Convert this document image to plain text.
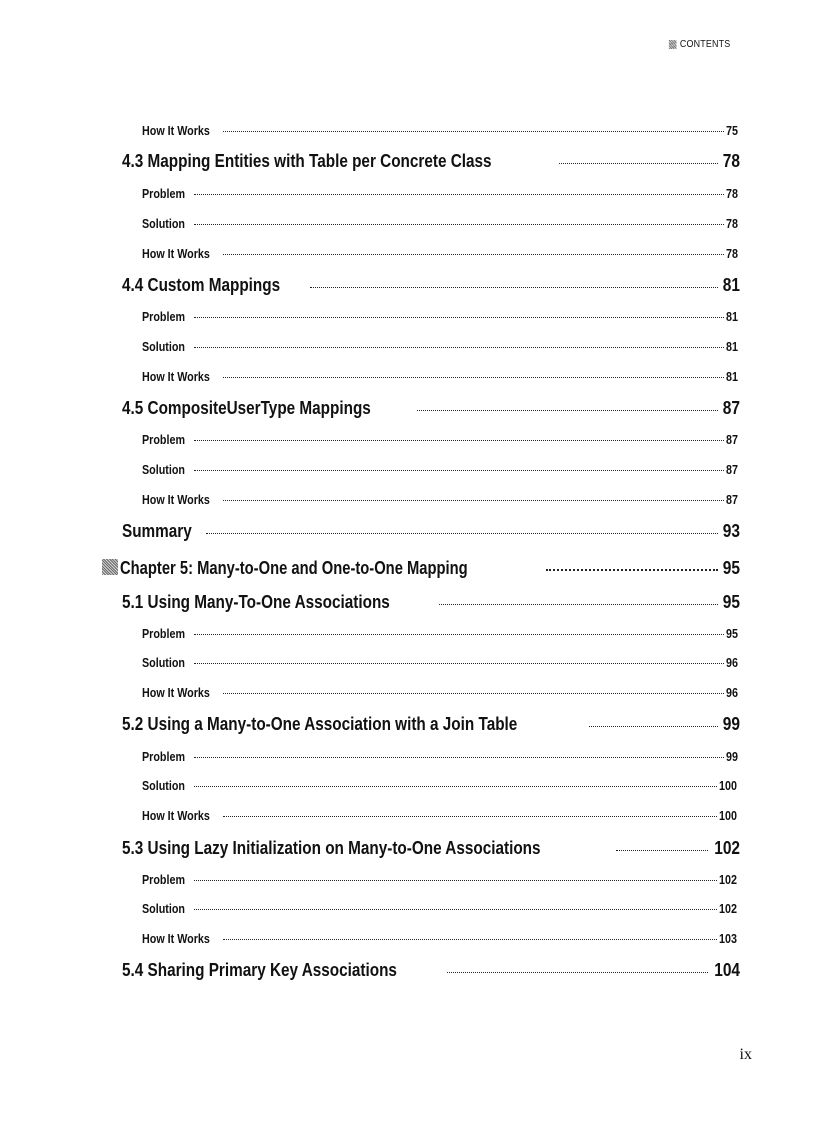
CONTENTS
How It Works	75
4.3 Mapping Entities with Table per Concrete Class	78
Problem	78
Solution	78
How It Works	78
4.4 Custom Mappings	81
Problem	81
Solution	81
How It Works	81
4.5 CompositeUserType Mappings	87
Problem	87
Solution	87
How It Works	87
Summary	93
Chapter 5: Many-to-One and One-to-One Mapping	95
5.1 Using Many-To-One Associations	95
Problem	95
Solution	96
How It Works	96
5.2 Using a Many-to-One Association with a Join Table	99
Problem	99
Solution	100
How It Works	100
5.3 Using Lazy Initialization on Many-to-One Associations	102
Problem	102
Solution	102
How It Works	103
5.4 Sharing Primary Key Associations	104
ix
